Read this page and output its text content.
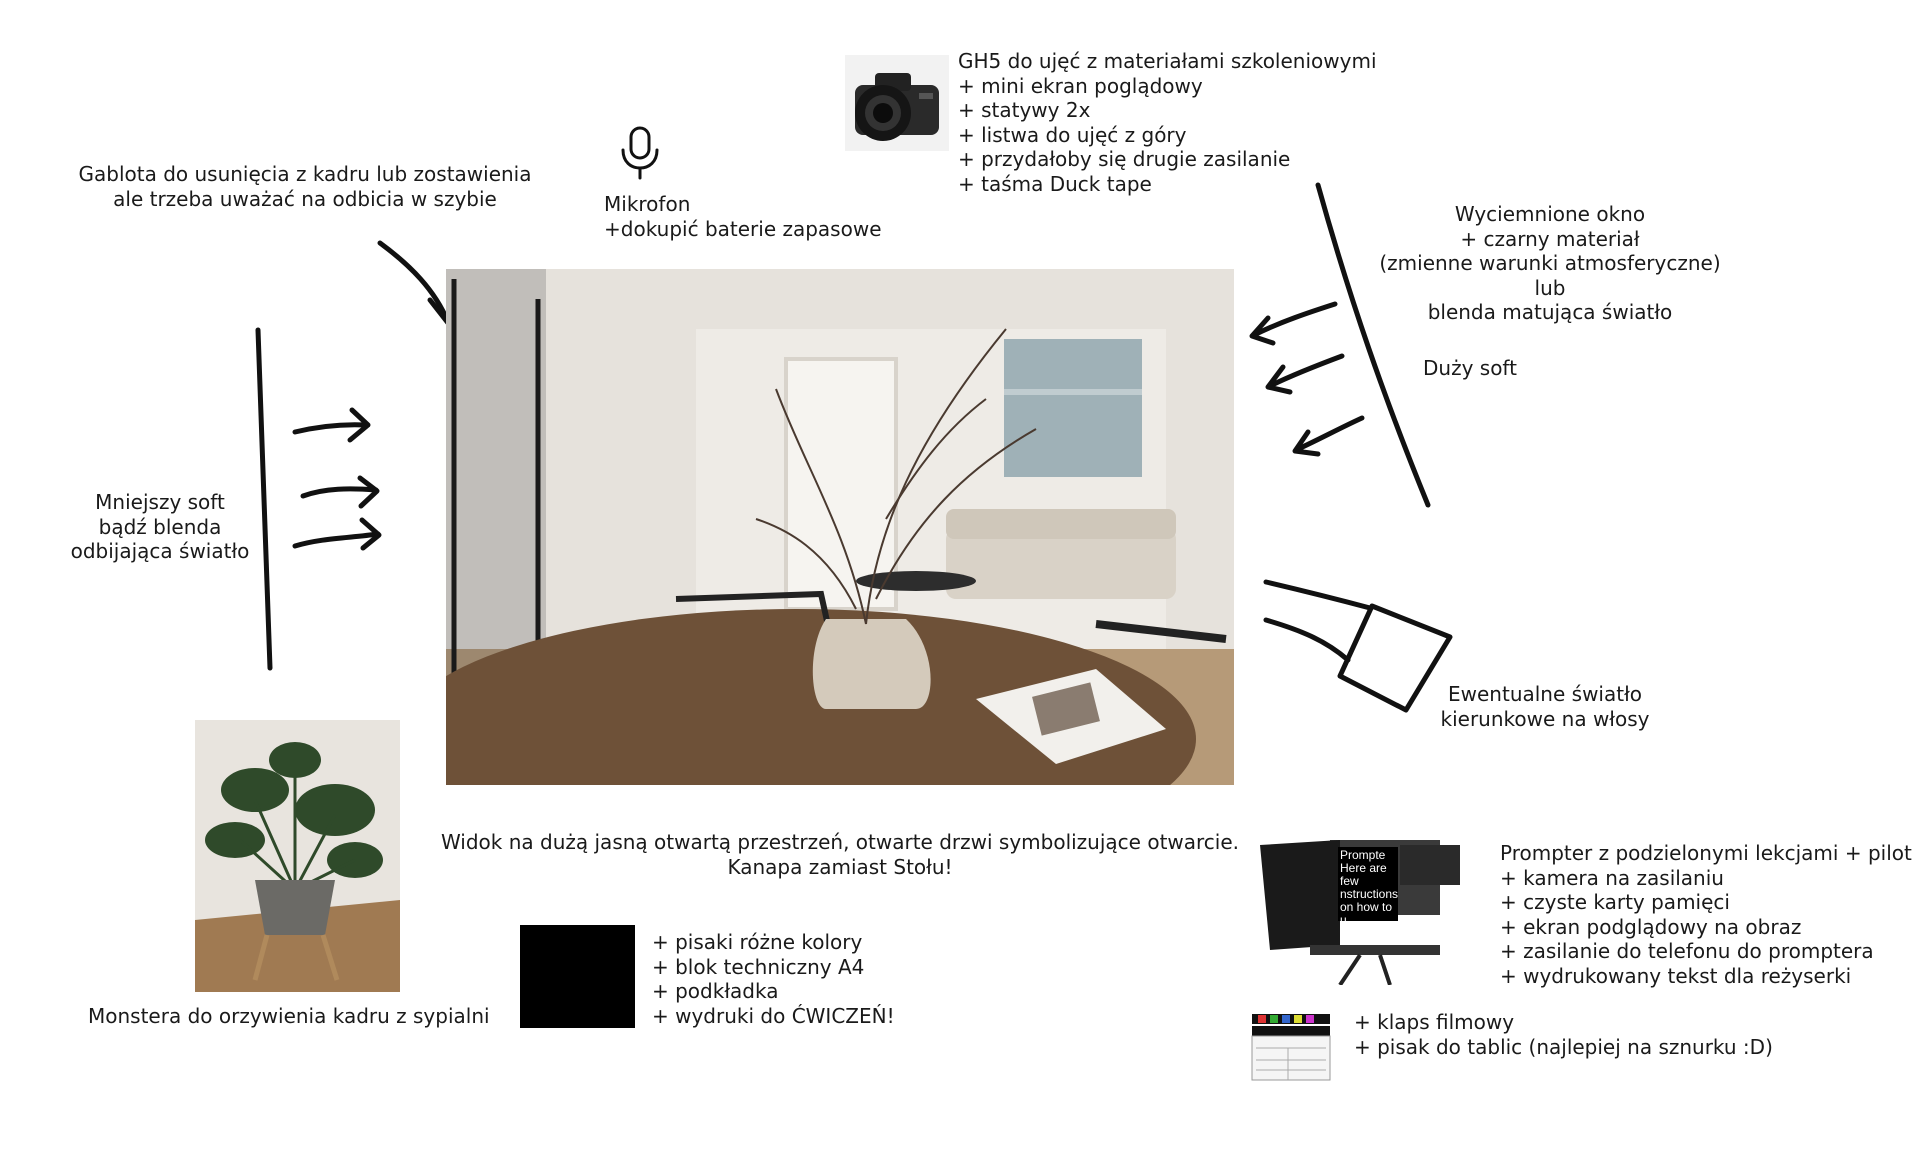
Prompte
Here are
few
nstructions
on how to u
GH5 do ujęć z materiałami szkoleniowymi
+ mini ekran poglądowy
+ statywy 2x
+ listwa do ujęć z góry
+ przydałoby się drugie zasilanie
+ taśma Duck tape
Mikrofon
+dokupić baterie zapasowe
Gablota do usunięcia z kadru lub zostawienia
ale trzeba uważać na odbicia w szybie
Wyciemnione okno
+ czarny materiał
(zmienne warunki atmosferyczne)
lub
blenda matująca światło
Duży soft
Mniejszy soft
bądź blenda
odbijająca światło
Ewentualne światło
kierunkowe na włosy
Widok na dużą jasną otwartą przestrzeń, otwarte drzwi symbolizujące otwarcie.
Kanapa zamiast Stołu!
Monstera do orzywienia kadru z sypialni
+ pisaki różne kolory
+ blok techniczny A4
+ podkładka
+ wydruki do ĆWICZEŃ!
Prompter z podzielonymi lekcjami + pilot
+ kamera na zasilaniu
+ czyste karty pamięci
+ ekran podglądowy na obraz
+ zasilanie do telefonu do promptera
+ wydrukowany tekst dla reżyserki
+ klaps filmowy
+ pisak do tablic (najlepiej na sznurku :D)
